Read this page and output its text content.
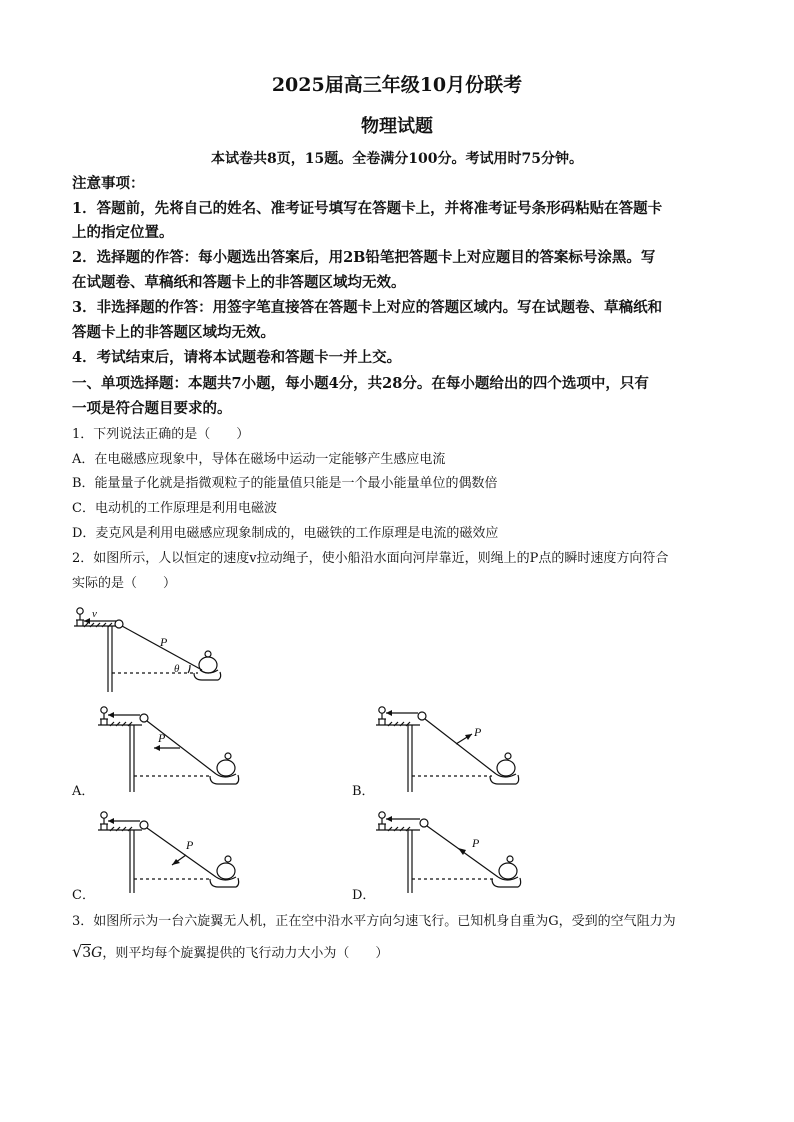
2025届高三年级10月份联考
物理试题
本试卷共8页，15题。全卷满分100分。考试用时75分钟。
注意事项：
1．答题前，先将自己的姓名、准考证号填写在答题卡上，并将准考证号条形码粘贴在答题卡
上的指定位置。
2．选择题的作答：每小题选出答案后，用2B铅笔把答题卡上对应题目的答案标号涂黑。写
在试题卷、草稿纸和答题卡上的非答题区域均无效。
3．非选择题的作答：用签字笔直接答在答题卡上对应的答题区域内。写在试题卷、草稿纸和
答题卡上的非答题区域均无效。
4．考试结束后，请将本试题卷和答题卡一并上交。
一、单项选择题：本题共7小题，每小题4分，共28分。在每小题给出的四个选项中，只有
一项是符合题目要求的。
1．下列说法正确的是（　　）
A．在电磁感应现象中，导体在磁场中运动一定能够产生感应电流
B．能量量子化就是指微观粒子的能量值只能是一个最小能量单位的偶数倍
C．电动机的工作原理是利用电磁波
D．麦克风是利用电磁感应现象制成的，电磁铁的工作原理是电流的磁效应
2．如图所示，人以恒定的速度v拉动绳子，使小船沿水面向河岸靠近，则绳上的P点的瞬时速度方向符合
实际的是（　　）
v
P
θ
P
A．
P
B．
P
C．
P
D．
3．如图所示为一台六旋翼无人机，正在空中沿水平方向匀速飞行。已知机身自重为G，受到的空气阻力为
√3G，则平均每个旋翼提供的飞行动力大小为（　　）
